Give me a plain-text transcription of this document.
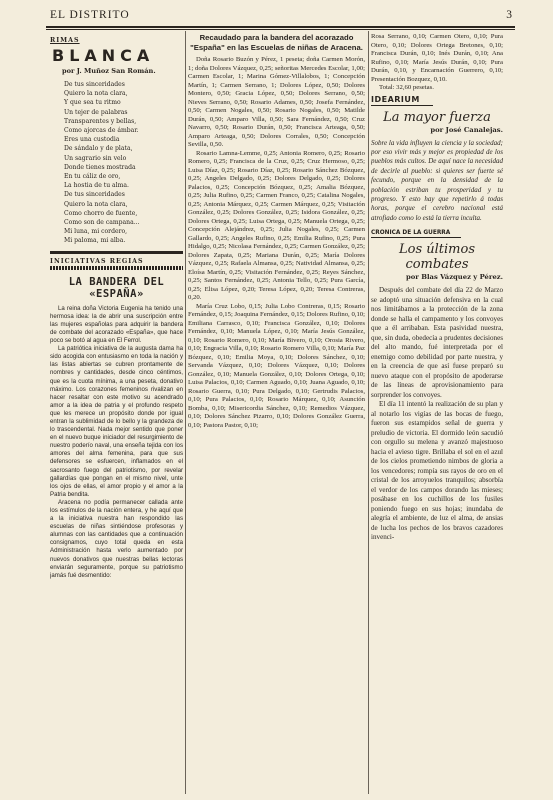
EL DISTRITO	3
RIMAS
BLANCA
por J. Muñoz San Román.
De tus sinceridades
Quiero la nota clara,
Y que sea tu ritmo
Un tejer de palabras
Transparentes y bellas,
Como ajorcas de ámbar.
Eres una custodia
De sándalo y de plata,
Un sagrario sin velo
Donde tienes mostrada
En tu cáliz de oro,
La hostia de tu alma.
De tus sinceridades
Quiero la nota clara,
Como chorro de fuente,
Como son de campana...
Mi luna, mi cordero,
Mi paloma, mi alba.
INICIATIVAS REGIAS
LA BANDERA DEL «ESPAÑA»

La reina doña Victoria Eugenia ha tenido una hermosa idea: la de abrir una suscripción entre las mujeres españolas para adquirir la bandera de combate del acorazado «España», que hace poco se botó al agua en El Ferrol.

La patriótica iniciativa de la augusta dama ha sido acogida con entusiasmo en toda la nación y las listas abiertas se cubren prontamente de nombres y cantidades, desde cinco céntimos, que es la cuota mínima, a una peseta, donativo máximo. Los corazones femeninos rivalizan en hacer resaltar con este motivo su acendrado amor a la idea de patria y el profundo respeto que les merece un propósito donde por igual entran la sublimidad de lo bello y la grandeza de lo trascendental. Nada mejor sentido que poner en el nuevo buque iniciador del resurgimiento de nuestro poderío naval, una enseña tejida con los amores del alma femenina, para que sus defensores se esfuercen, inflamados en el sacrosanto fuego del patriotismo, por revelar gallardías que pongan en el mismo nivel, unte los ojos de ellas, el amor propio y el amor a la Patria bendita.

Aracena no podía permanecer callada ante los estímulos de la nación entera, y he aquí que a la iniciativa nuestra han respondido las escuelas de niñas sintiéndose profesoras y alumnas con las cantidades que a continuación consignamos, cuyo total queda en esta Administración hasta verlo aumentado por nuevos donativos que nuestras bellas lectoras enviarán seguramente, porque su patriotismo jamás fué desmentido:

Recaudado para la bandera del acorazado "España" en las Escuelas de niñas de Aracena.

Doña Rosario Buzón y Pérez, 1 peseta; doña Carmen Morón, 1; doña Dolores Vázquez, 0,25; señoritas Mercedes Escolar, 1,00; Carmen Escolar, 1; Marina Gómez-Villalobos, 1; Concepción Martín, 1; Carmen Serrano, 1; Dolores López, 0,50; Dolores Montero, 0,50; Gracia López, 0,50; Dolores Serrano, 0,50; Nieves Serrano, 0,50; Rosario Adames, 0,50; Josefa Fernández, 0,50; Carmen Nogales, 0,50; Rosario Nogales, 0,50; Matilde Durán, 0,50; Amparo Villa, 0,50; Sara Fernández, 0,50; Cruz Navarro, 0,50; Rosario Durán, 0,50; Francisca Arteaga, 0,50; Amparo Arteaga, 0,50; Dolores Corrales, 0,50; Concepción Sevilla, 0,50.

Rosario Lamna-Lemme, 0,25; Antonia Romero, 0,25; Rosario Romero, 0,25; Francisca de la Cruz, 0,25; Cruz Hermoso, 0,25; Luisa Díaz, 0,25; Rosario Díaz, 0,25; Rosario Sánchez Bózquez, 0,25; Angeles Delgado, 0,25; Dolores Delgado, 0,25; Dolores Palacios, 0,25; Concepción Bózquez, 0,25; Amalia Bózquez, 0,25; Julia Rufino, 0,25; Carmen Franco, 0,25; Catalina Nogales, 0,25; Antonia Márquez, 0,25; Carmen Márquez, 0,25; Visitación González, 0,25; Dolores González, 0,25; Isidora González, 0,25; Dolores Ortega, 0,25; Luisa Ortega, 0,25; Manuela Ortega, 0,25; Concepción Alejándrez, 0,25; Julia Nogales, 0,25; Carmen Gallardo, 0,25; Angeles Rufino, 0,25; Emilia Rufino, 0,25; Pura Hidalgo, 0,25; Nicolasa Fernández, 0,25; Carmen González, 0,25; Dolores Zapata, 0,25; Mariana Durán, 0,25; María Dolores Vázquez, 0,25; Rafaela Almansa, 0,25; Natividad Almansa, 0,25; Eloísa Martín, 0,25; Visitación Fernández, 0,25; Reyes Sánchez, 0,25; Santos Fernández, 0,25; Antonia Tello, 0,25; Pura García, 0,25; Elisa López, 0,20; Teresa López, 0,20; Teresa Contreras, 0,20.

María Cruz Lobo, 0,15; Julia Lobo Contreras, 0,15; Rosario Fernández, 0,15; Joaquina Fernández, 0,15; Dolores Rufino, 0,10; Emiliana Carrasco, 0,10; Francisca González, 0,10; Dolores Fernández, 0,10; Manuela López, 0,10; María Jesús González, 0,10; Rosario Romero, 0,10; María Bivero, 0,10; Orosia Rivero, 0,10; Engracia Villa, 0,10; Rosario Romero Villa, 0,10; María Paz Bózquez, 0,10; Emilia Moya, 0,10; Dolores Sánchez, 0,10; Servanda Vázquez, 0,10; Dolores Vázquez, 0,10; Dolores González, 0,10; Manuela González, 0,10; Dolores Ortega, 0,10; Luisa Palacios, 0,10; Carmen Aguado, 0,10; Juana Aguado, 0,10; Rosario Guerra, 0,10; Pura Delgado, 0,10; Gertrudis Palacios, 0,10; Pura Palacios, 0,10; Rosario Márquez, 0,10; Asunción Bomba, 0,10; Misericordia Sánchez, 0,10; Remedios Vázquez, 0,10; Dolores Sánchez Pizarro, 0,10; Dolores González Guerra, 0,10; Pastora Pastor, 0,10;

Rosa Serrano, 0,10; Carmen Otero, 0,10; Pura Otero, 0,10; Dolores Ortega Bretones, 0,10; Francisca Durán, 0,10; Inés Durán, 0,10; Ana Rufino, 0,10; María Jesús Durán, 0,10; Pura Durán, 0,10, y Encarnación Guerrero, 0,10; Presentación Bozquez, 0,10.

Total: 32,60 pesetas.

IDEARIUM
La mayor fuerza
por José Canalejas.
Sobre la vida influyen la ciencia y la sociedad; por eso vivir más y mejor es propiedad de los pueblos más cultos. De aquí nace la necesidad de decirle al pueblo: si quieres ser fuerte sé fecundo, porque en la densidad de la población estriban tu prosperidad y tu progreso. Y esto hay que repetirlo á todas horas, porque el cerebro nacional está atrofiado como lo está la tierra inculta.
CRONICA DE LA GUERRA
Los últimos combates
por Blas Vázquez y Pérez.

Después del combate del día 22 de Marzo se adoptó una situación defensiva en la cual nos limitábamos a la protección de la zona donde se halla el campamento y los convoyes que a él arribaban. Esta pasividad nuestra, que, sin duda, obedecía a prudentes decisiones del alto mando, fué interpretada por el enemigo como debilidad por parte nuestra, y en la creencia de que así fuese preparó su nuevo ataque con el propósito de apoderarse de las líneas de aprovisionamiento para sorprender los convoyes.

El día 11 intentó la realización de su plan y al notarlo los vigías de las bocas de fuego, fueron sus estampidos señal de guerra y preludio de victoria. El dormido león sacudió con orgullo su melena y avanzó majestuoso hacia el avieso tigre. Brillaba el sol en el azul de los cielos prometiendo nimbos de gloria a los vencedores; rompía sus rayos de oro en el cristal de los arroyuelos tranquilos; absorbía el verdor de los campos dorando las mieses; posábase en los cuchillos de los fusiles poniendo fuego en sus hojas; inundaba de alegría el ambiente, de luz el alma, de ansias de lucha los pechos de los bravos cazadores invenci-
